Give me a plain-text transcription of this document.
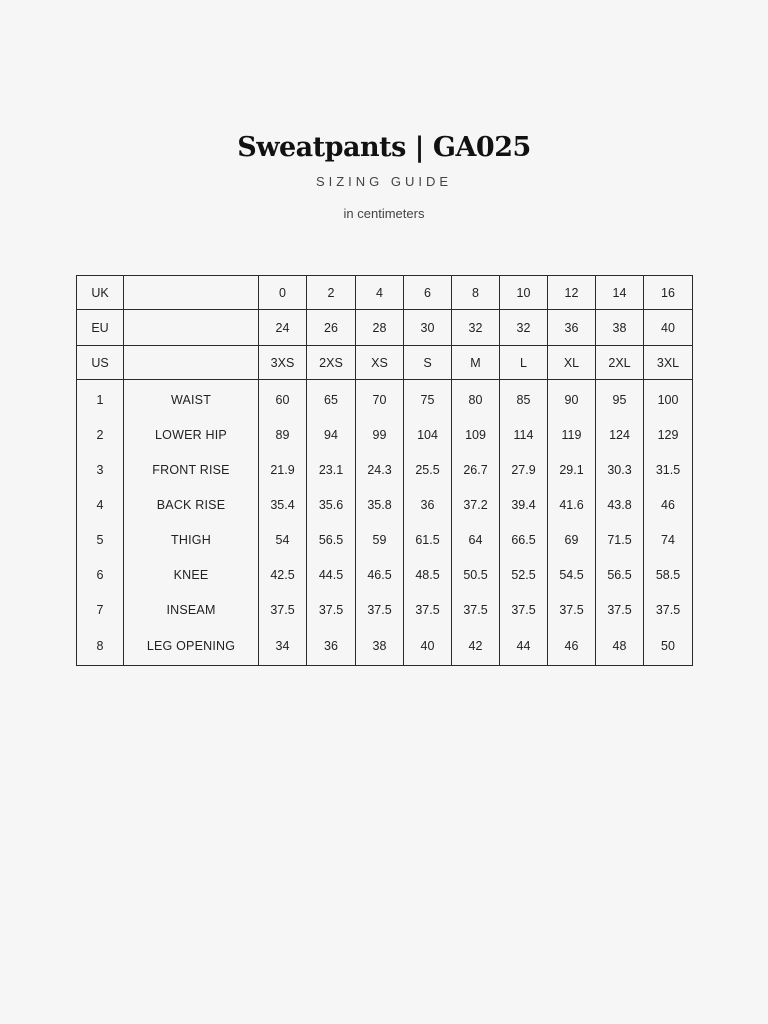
Sweatpants | GA025
SIZING GUIDE
in centimeters
UK		0	2	4	6	8	10	12	14	16
EU		24	26	28	30	32	32	36	38	40
US		3XS	2XS	XS	S	M	L	XL	2XL	3XL
1	WAIST	60	65	70	75	80	85	90	95	100
2	LOWER HIP	89	94	99	104	109	114	119	124	129
3	FRONT RISE	21.9	23.1	24.3	25.5	26.7	27.9	29.1	30.3	31.5
4	BACK RISE	35.4	35.6	35.8	36	37.2	39.4	41.6	43.8	46
5	THIGH	54	56.5	59	61.5	64	66.5	69	71.5	74
6	KNEE	42.5	44.5	46.5	48.5	50.5	52.5	54.5	56.5	58.5
7	INSEAM	37.5	37.5	37.5	37.5	37.5	37.5	37.5	37.5	37.5
8	LEG OPENING	34	36	38	40	42	44	46	48	50
